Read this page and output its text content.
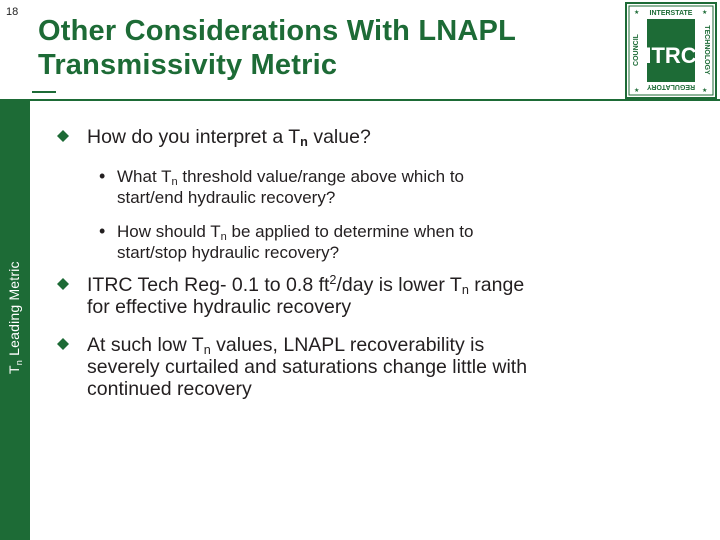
18
Other Considerations With LNAPL Transmissivity Metric	ITRC
INTERSTATE
REGULATORY
TECHNOLOGY
COUNCIL
★	★
★	★
$T_n$ Leading Metric
How do you interpret a $T_n$ value?
• What $T_n$ threshold value/range above which to
start/end hydraulic recovery?
• How should $T_n$ be applied to determine when to
start/stop hydraulic recovery?
ITRC Tech Reg- 0.1 to 0.8 $ft^2$/day is lower $T_n$ range
for effective hydraulic recovery
At such low $T_n$ values, LNAPL recoverability is
severely curtailed and saturations change little with
continued recovery
